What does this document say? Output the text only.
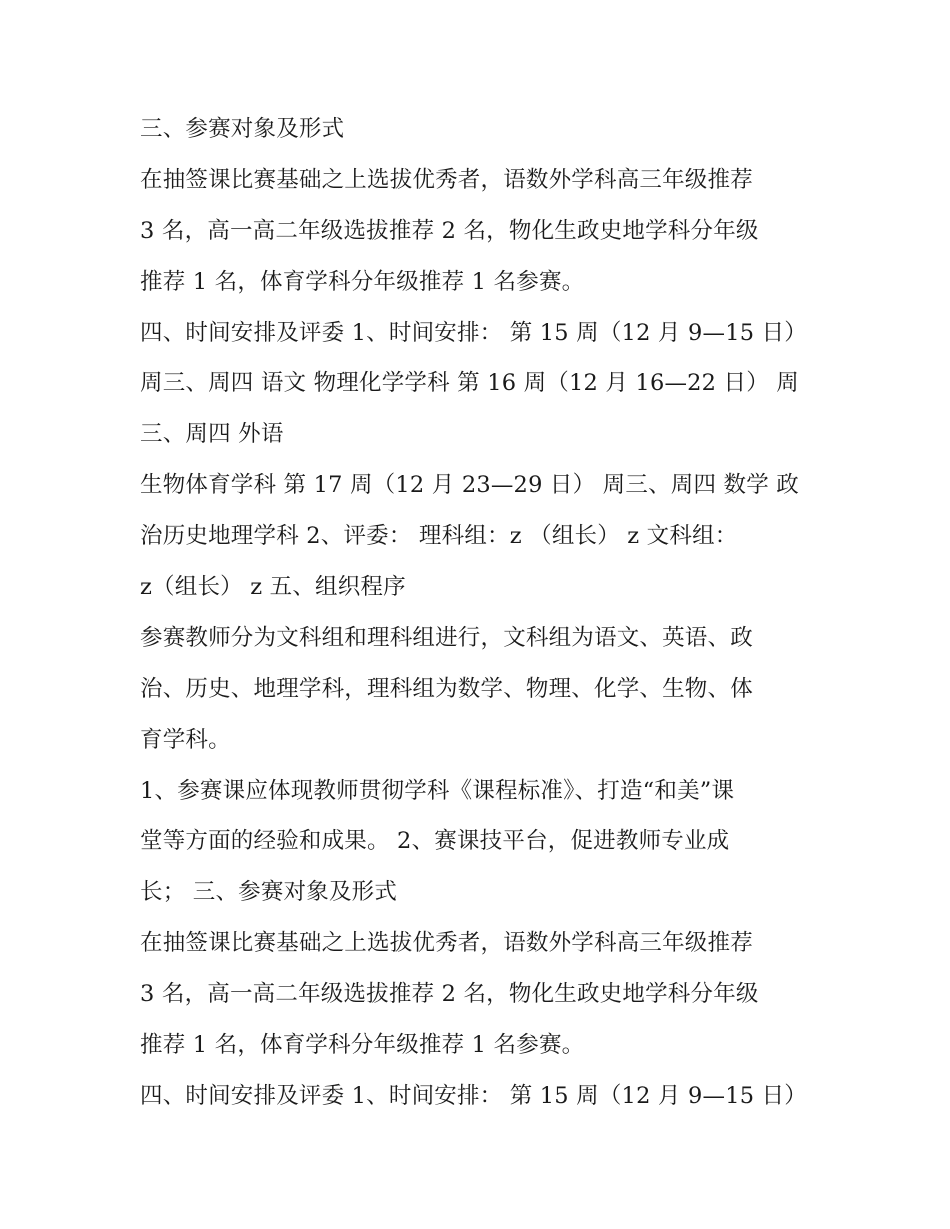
三、参赛对象及形式
在抽签课比赛基础之上选拔优秀者，语数外学科高三年级推荐
3 名，高一高二年级选拔推荐 2 名，物化生政史地学科分年级
推荐 1 名，体育学科分年级推荐 1 名参赛。
四、时间安排及评委 1、时间安排： 第 15 周（12 月 9—15 日）
周三、周四 语文 物理化学学科 第 16 周（12 月 16—22 日） 周
三、周四 外语
生物体育学科 第 17 周（12 月 23—29 日） 周三、周四 数学 政
治历史地理学科 2、评委： 理科组：z （组长） z 文科组：
z（组长） z 五、组织程序
参赛教师分为文科组和理科组进行，文科组为语文、英语、政
治、历史、地理学科，理科组为数学、物理、化学、生物、体
育学科。
1、参赛课应体现教师贯彻学科《课程标准》、打造“和美”课
堂等方面的经验和成果。 2、赛课技平台，促进教师专业成
长； 三、参赛对象及形式
在抽签课比赛基础之上选拔优秀者，语数外学科高三年级推荐
3 名，高一高二年级选拔推荐 2 名，物化生政史地学科分年级
推荐 1 名，体育学科分年级推荐 1 名参赛。
四、时间安排及评委 1、时间安排： 第 15 周（12 月 9—15 日）
